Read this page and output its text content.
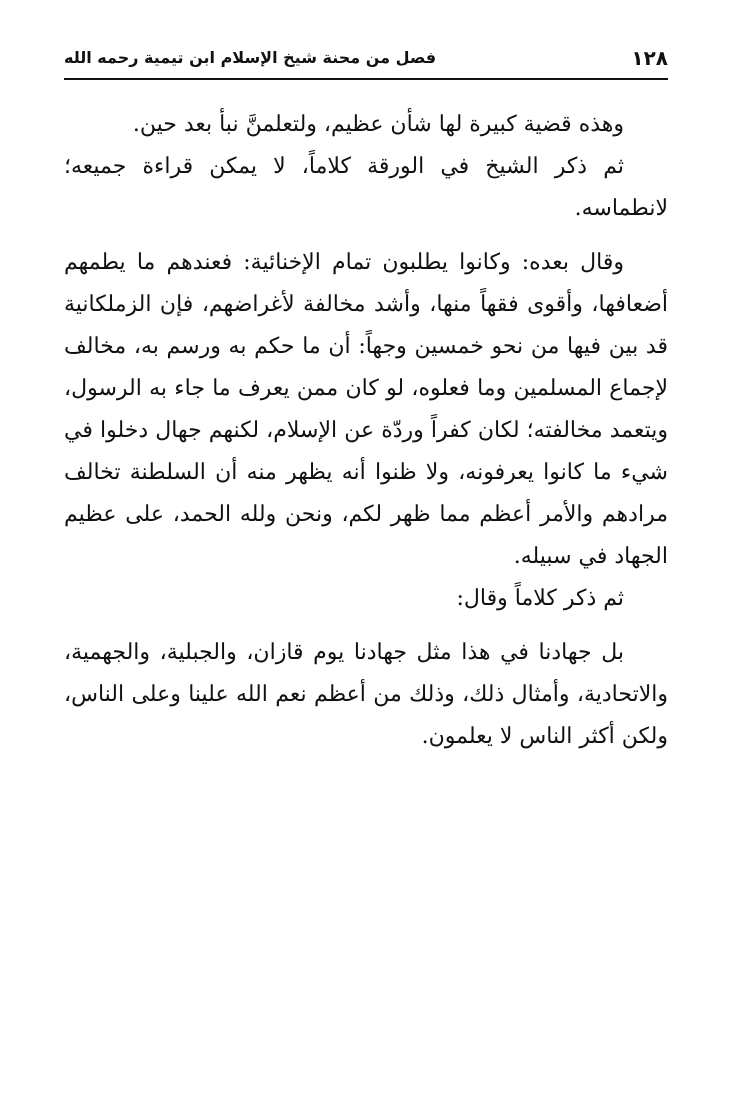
١٢٨
فصل من محنة شيخ الإسلام ابن تيمية رحمه الله

وهذه قضية كبيرة لها شأن عظيم، ولتعلمنَّ نبأ بعد حين.

ثم ذكر الشيخ في الورقة كلاماً، لا يمكن قراءة جميعه؛ لانطماسه.

وقال بعده: وكانوا يطلبون تمام الإخنائية: فعندهم ما يطمهم أضعافها، وأقوى فقهاً منها، وأشد مخالفة لأغراضهم، فإن الزملكانية قد بين فيها من نحو خمسين وجهاً: أن ما حكم به ورسم به، مخالف لإجماع المسلمين وما فعلوه، لو كان ممن يعرف ما جاء به الرسول، ويتعمد مخالفته؛ لكان كفراً وردّة عن الإسلام، لكنهم جهال دخلوا في شيء ما كانوا يعرفونه، ولا ظنوا أنه يظهر منه أن السلطنة تخالف مرادهم والأمر أعظم مما ظهر لكم، ونحن ولله الحمد، على عظيم الجهاد في سبيله.

ثم ذكر كلاماً وقال:

بل جهادنا في هذا مثل جهادنا يوم قازان، والجبلية، والجهمية، والاتحادية، وأمثال ذلك، وذلك من أعظم نعم الله علينا وعلى الناس، ولكن أكثر الناس لا يعلمون.
